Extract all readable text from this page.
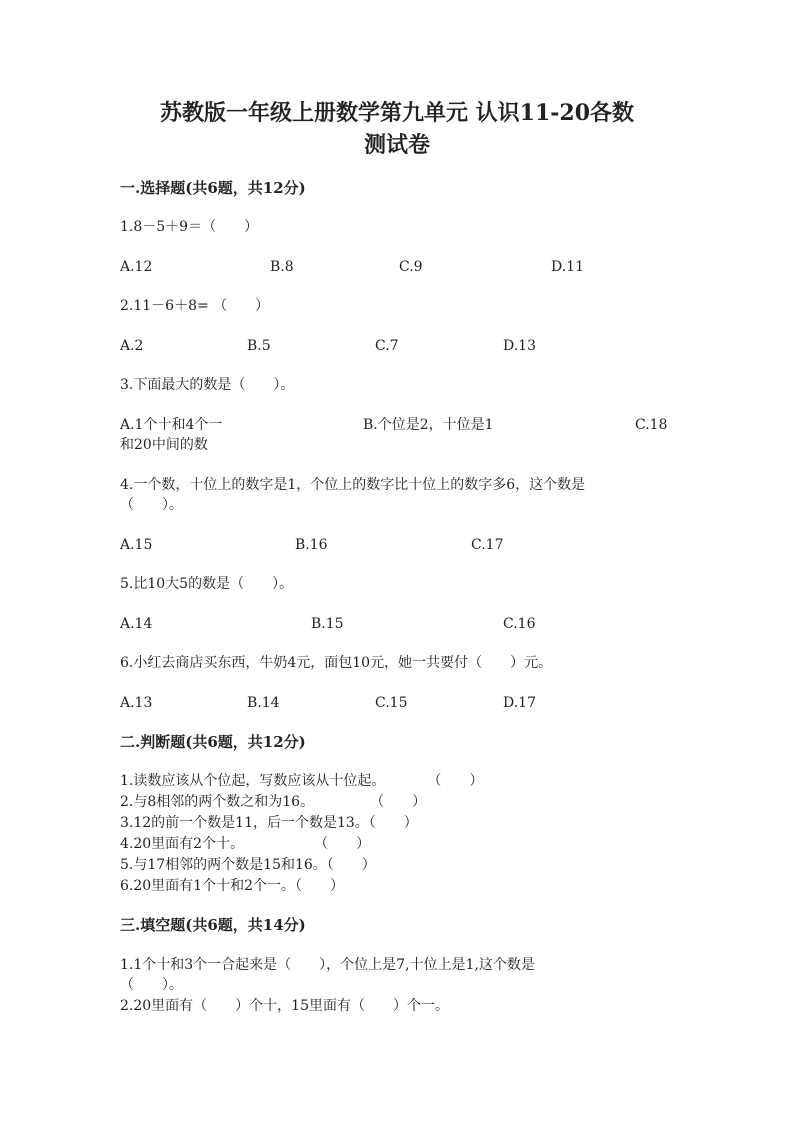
苏教版一年级上册数学第九单元 认识11-20各数
测试卷
一.选择题(共6题，共12分)
1.8－5＋9＝（　　）
A.12	B.8	C.9	D.11
2.11－6＋8= （　　）
A.2	B.5	C.7	D.13
3.下面最大的数是（　　）。
A.1个十和4个一	B.个位是2，十位是1	C.18
和20中间的数
4.一个数，十位上的数字是1，个位上的数字比十位上的数字多6，这个数是
（　　）。
A.15	B.16	C.17
5.比10大5的数是（　　）。
A.14	B.15	C.16
6.小红去商店买东西，牛奶4元，面包10元，她一共要付（　　）元。
A.13	B.14	C.15	D.17
二.判断题(共6题，共12分)
1.读数应该从个位起，写数应该从十位起。　　　　（　　）
2.与8相邻的两个数之和为16。　　　　　（　　）
3.12的前一个数是11，后一个数是13。（　　）
4.20里面有2个十。　　　　　　（　　）
5.与17相邻的两个数是15和16。（　　）
6.20里面有1个十和2个一。（　　）
三.填空题(共6题，共14分)
1.1个十和3个一合起来是（　　），个位上是7,十位上是1,这个数是
（　　）。
2.20里面有（　　）个十，15里面有（　　）个一。
